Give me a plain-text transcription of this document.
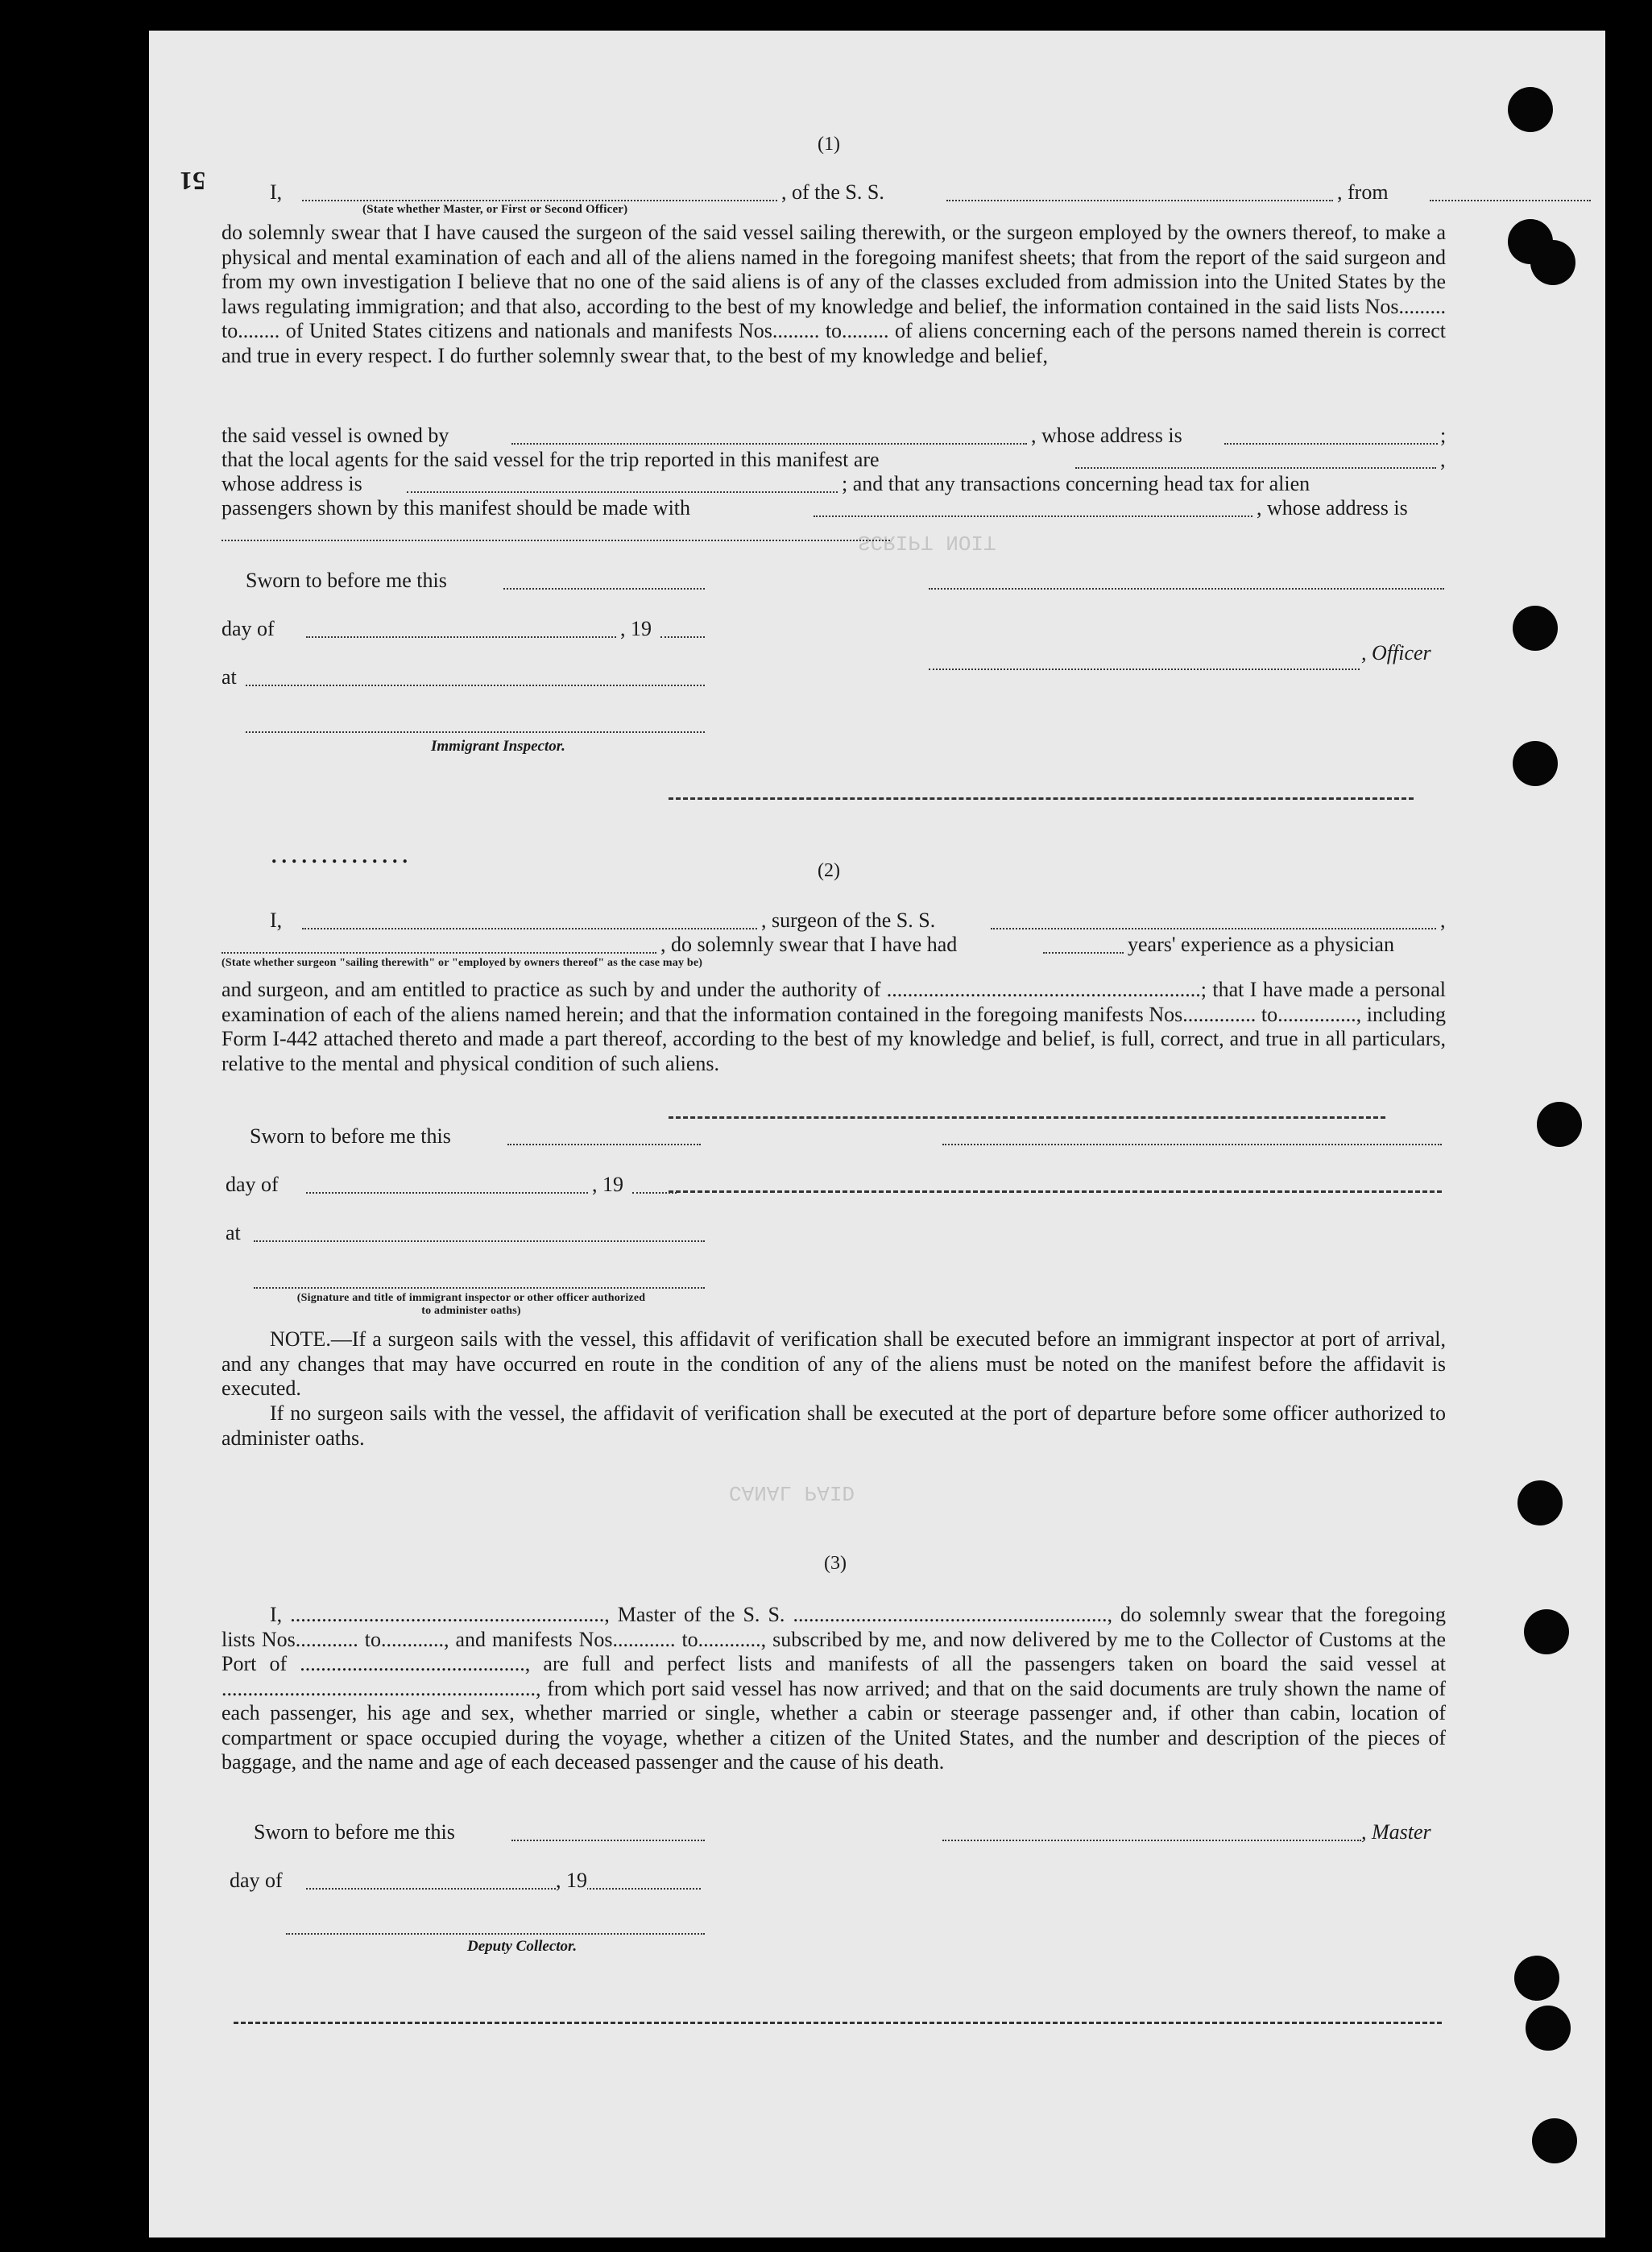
SCRIPT NOIT
CANAL PAID
51
(1)
I,	, of the S. S.	, from
(State whether Master, or First or Second Officer)
do solemnly swear that I have caused the surgeon of the said vessel sailing therewith, or the surgeon employed by the owners thereof, to make a physical and mental examination of each and all of the aliens named in the foregoing manifest sheets; that from the report of the said surgeon and from my own investigation I believe that no one of the said aliens is of any of the classes excluded from admission into the United States by the laws regulating immigration; and that also, according to the best of my knowledge and belief, the information contained in the said lists Nos......... to........ of United States citizens and nationals and manifests Nos......... to......... of aliens concerning each of the persons named therein is correct and true in every respect. I do further solemnly swear that, to the best of my knowledge and belief,
the said vessel is owned by	, whose address is	;
that the local agents for the said vessel for the trip reported in this manifest are	,
whose address is	; and that any transactions concerning head tax for alien
passengers shown by this manifest should be made with	, whose address is
Sworn to before me this
day of	, 19
, Officer
at
Immigrant Inspector.
..............
(2)
I,	, surgeon of the S. S.	,
, do solemnly swear that I have had	years' experience as a physician
(State whether surgeon "sailing therewith" or "employed by owners thereof" as the case may be)
and surgeon, and am entitled to practice as such by and under the authority of ............................................................; that I have made a personal examination of each of the aliens named herein; and that the information contained in the foregoing manifests Nos.............. to..............., including Form I-442 attached thereto and made a part thereof, according to the best of my knowledge and belief, is full, correct, and true in all particulars, relative to the mental and physical condition of such aliens.
Sworn to before me this
day of	, 19
at
(Signature and title of immigrant inspector or other officer authorized to administer oaths)
NOTE.—If a surgeon sails with the vessel, this affidavit of verification shall be executed before an immigrant inspector at port of arrival, and any changes that may have occurred en route in the condition of any of the aliens must be noted on the manifest before the affidavit is executed.
If no surgeon sails with the vessel, the affidavit of verification shall be executed at the port of departure before some officer authorized to administer oaths.
(3)
I, ............................................................, Master of the S. S. ............................................................, do solemnly swear that the foregoing lists Nos............ to............, and manifests Nos............ to............, subscribed by me, and now delivered by me to the Collector of Customs at the Port of ..........................................., are full and perfect lists and manifests of all the passengers taken on board the said vessel at ............................................................, from which port said vessel has now arrived; and that on the said documents are truly shown the name of each passenger, his age and sex, whether married or single, whether a cabin or steerage passenger and, if other than cabin, location of compartment or space occupied during the voyage, whether a citizen of the United States, and the number and description of the pieces of baggage, and the name and age of each deceased passenger and the cause of his death.
Sworn to before me this	, Master
day of	, 19
Deputy Collector.
